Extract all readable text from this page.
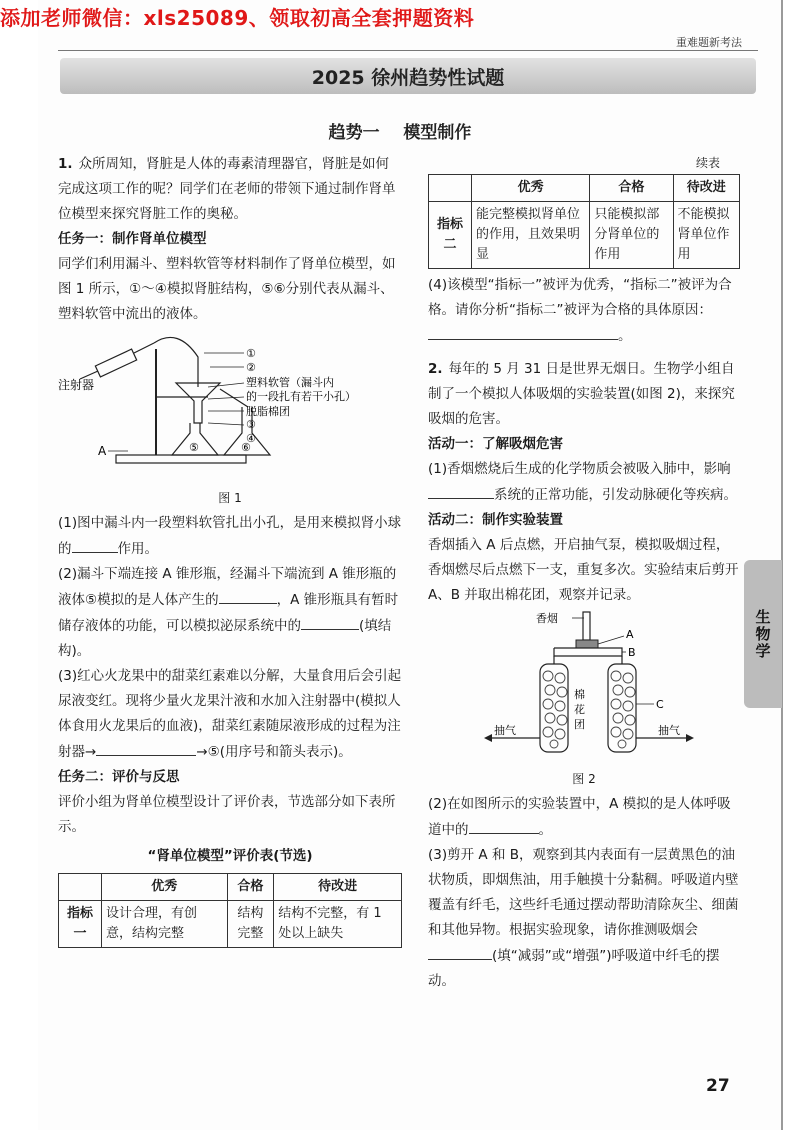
添加老师微信：xls25089、领取初高全套押题资料
重难题新考法
2025 徐州趋势性试题
趋势一    模型制作

1. 众所周知，肾脏是人体的毒素清理器官，肾脏是如何完成这项工作的呢？同学们在老师的带领下通过制作肾单位模型来探究肾脏工作的奥秘。

任务一：制作肾单位模型

同学们利用漏斗、塑料软管等材料制作了肾单位模型，如图 1 所示，①～④模拟肾脏结构，⑤⑥分别代表从漏斗、塑料软管中流出的液体。

⑤	⑥
①
②
塑料软管（漏斗内
的一段扎有若干小孔）
脱脂棉团
③
④
注射器
A

图 1

(1)图中漏斗内一段塑料软管扎出小孔，是用来模拟肾小球的	作用。

(2)漏斗下端连接 A 锥形瓶，经漏斗下端流到 A 锥形瓶的液体⑤模拟的是人体产生的	，A 锥形瓶具有暂时储存液体的功能，可以模拟泌尿系统中的	(填结构)。

(3)红心火龙果中的甜菜红素难以分解，大量食用后会引起尿液变红。现将少量火龙果汁液和水加入注射器中(模拟人体食用火龙果后的血液)，甜菜红素随尿液形成的过程为注射器→	→⑤(用序号和箭头表示)。

任务二：评价与反思

评价小组为肾单位模型设计了评价表，节选部分如下表所示。

“肾单位模型”评价表(节选)

	优秀	合格	待改进
指标一	设计合理，有创意，结构完整	结构完整	结构不完整，有 1 处以上缺失

续表

	优秀	合格	待改进
指标二	能完整模拟肾单位的作用，且效果明显	只能模拟部分肾单位的作用	不能模拟肾单位作用

(4)该模型“指标一”被评为优秀，“指标二”被评为合格。请你分析“指标二”被评为合格的具体原因：。

2. 每年的 5 月 31 日是世界无烟日。生物学小组自制了一个模拟人体吸烟的实验装置(如图 2)，来探究吸烟的危害。

活动一：了解吸烟危害

(1)香烟燃烧后生成的化学物质会被吸入肺中，影响系统的正常功能，引发动脉硬化等疾病。

活动二：制作实验装置

香烟插入 A 后点燃，开启抽气泵，模拟吸烟过程，香烟燃尽后点燃下一支，重复多次。实验结束后剪开 A、B 并取出棉花团，观察并记录。

香烟
A
B
棉
花
团
C
抽气	抽气

图 2

(2)在如图所示的实验装置中，A 模拟的是人体呼吸道中的	。

(3)剪开 A 和 B，观察到其内表面有一层黄黑色的油状物质，即烟焦油，用手触摸十分黏稠。呼吸道内壁覆盖有纤毛，这些纤毛通过摆动帮助清除灰尘、细菌和其他异物。根据实验现象，请你推测吸烟会(填“减弱”或“增强”)呼吸道中纤毛的摆动。

生物学
27
